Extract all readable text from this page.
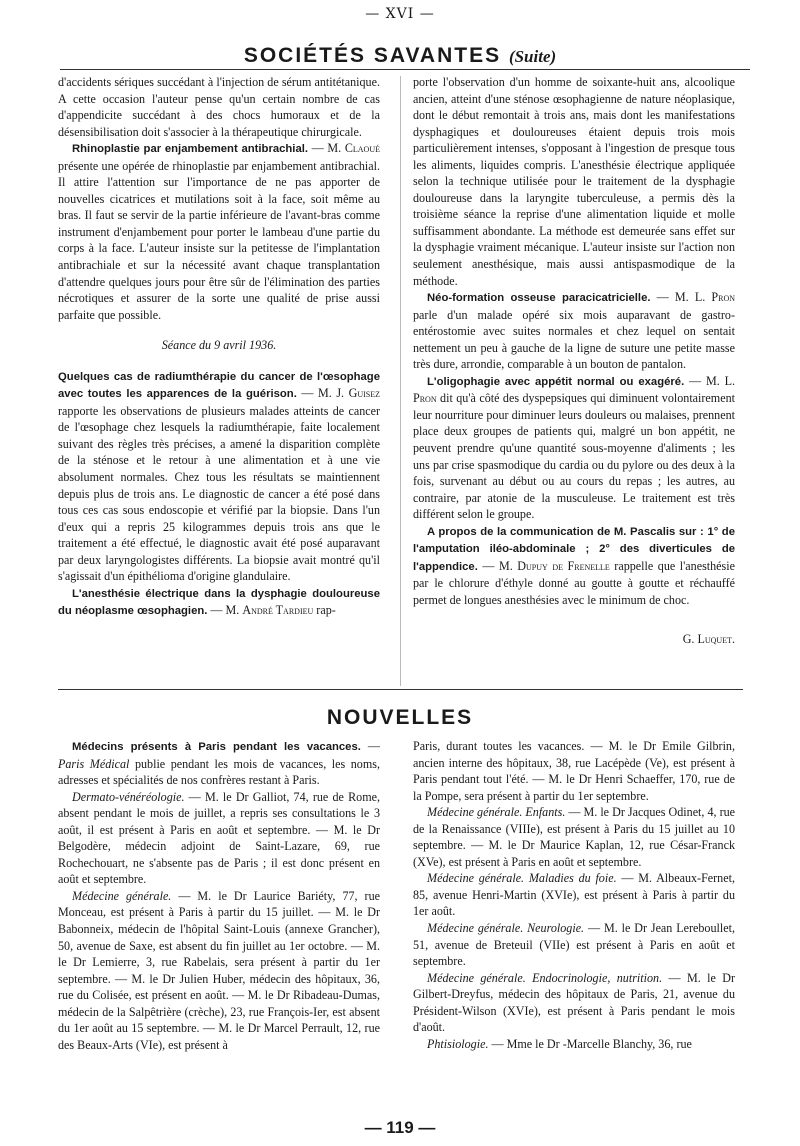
— XVI —
SOCIÉTÉS SAVANTES (Suite)

d'accidents sériques succédant à l'injection de sérum antitétanique. A cette occasion l'auteur pense qu'un certain nombre de cas d'appendicite succédant à des chocs humoraux et de la désensibilisation doit s'associer à la thérapeutique chirurgicale.

Rhinoplastie par enjambement antibrachial. — M. Claoué présente une opérée de rhinoplastie par enjambement antibrachial. Il attire l'attention sur l'importance de ne pas apporter de nouvelles cicatrices et mutilations soit à la face, soit même au bras. Il faut se servir de la partie inférieure de l'avant-bras comme instrument d'enjambement pour porter le lambeau d'une partie du corps à la face. L'auteur insiste sur la petitesse de l'implantation antibrachiale et sur la nécessité avant chaque transplantation d'attendre quelques jours pour être sûr de l'élimination des parties nécrotiques et assurer de la sorte une qualité de prise aussi parfaite que possible.

Séance du 9 avril 1936.

Quelques cas de radiumthérapie du cancer de l'œsophage avec toutes les apparences de la guérison. — M. J. Guisez rapporte les observations de plusieurs malades atteints de cancer de l'œsophage chez lesquels la radiumthérapie, faite localement suivant des règles très précises, a amené la disparition complète de la sténose et le retour à une alimentation et à une vie absolument normales. Chez tous les résultats se maintiennent depuis plus de trois ans. Le diagnostic de cancer a été posé dans tous ces cas sous endoscopie et vérifié par la biopsie. Dans l'un d'eux qui a repris 25 kilogrammes depuis trois ans que le traitement a été effectué, le diagnostic avait été posé auparavant par deux laryngologistes différents. La biopsie avait montré qu'il s'agissait d'un épithélioma d'origine glandulaire.

L'anesthésie électrique dans la dysphagie douloureuse du néoplasme œsophagien. — M. André Tardieu rap-

porte l'observation d'un homme de soixante-huit ans, alcoolique ancien, atteint d'une sténose œsophagienne de nature néoplasique, dont le début remontait à trois ans, mais dont les manifestations dysphagiques et douloureuses étaient depuis trois mois particulièrement intenses, s'opposant à l'ingestion de presque tous les aliments, liquides compris. L'anesthésie électrique appliquée selon la technique utilisée pour le traitement de la dysphagie douloureuse dans la laryngite tuberculeuse, a permis dès la troisième séance la reprise d'une alimentation liquide et molle suffisamment abondante. La méthode est demeurée sans effet sur la dysphagie vraiment mécanique. L'auteur insiste sur l'action non seulement anesthésique, mais aussi antispasmodique de la méthode.

Néo-formation osseuse paracicatricielle. — M. L. Pron parle d'un malade opéré six mois auparavant de gastro-entérostomie avec suites normales et chez lequel on sentait nettement un peu à gauche de la ligne de suture une petite masse très dure, arrondie, comparable à un bouton de pantalon.

L'oligophagie avec appétit normal ou exagéré. — M. L. Pron dit qu'à côté des dyspepsiques qui diminuent volontairement leur nourriture pour diminuer leurs douleurs ou malaises, prennent place deux groupes de patients qui, malgré un bon appétit, ne peuvent prendre qu'une quantité sous-moyenne d'aliments ; les uns par crise spasmodique du cardia ou du pylore ou des deux à la fois, survenant au début ou au cours du repas ; les autres, au contraire, par atonie de la musculeuse. Le traitement est très différent selon le groupe.

A propos de la communication de M. Pascalis sur : 1° de l'amputation iléo-abdominale ; 2° des diverticules de l'appendice. — M. Dupuy de Frenelle rappelle que l'anesthésie par le chlorure d'éthyle donné au goutte à goutte et réchauffé permet de longues anesthésies avec le minimum de choc.

G. Luquet.

NOUVELLES

Médecins présents à Paris pendant les vacances. — Paris Médical publie pendant les mois de vacances, les noms, adresses et spécialités de nos confrères restant à Paris.

Dermato-vénéréologie. — M. le Dr Galliot, 74, rue de Rome, absent pendant le mois de juillet, a repris ses consultations le 3 août, il est présent à Paris en août et septembre. — M. le Dr Belgodère, médecin adjoint de Saint-Lazare, 69, rue Rochechouart, ne s'absente pas de Paris ; il est donc présent en août et septembre.

Médecine générale. — M. le Dr Laurice Bariéty, 77, rue Monceau, est présent à Paris à partir du 15 juillet. — M. le Dr Babonneix, médecin de l'hôpital Saint-Louis (annexe Grancher), 50, avenue de Saxe, est absent du fin juillet au 1er octobre. — M. le Dr Lemierre, 3, rue Rabelais, sera présent à partir du 1er septembre. — M. le Dr Julien Huber, médecin des hôpitaux, 36, rue du Colisée, est présent en août. — M. le Dr Ribadeau-Dumas, médecin de la Salpêtrière (crèche), 23, rue François-Ier, est absent du 1er août au 15 septembre. — M. le Dr Marcel Perrault, 12, rue des Beaux-Arts (VIe), est présent à

Paris, durant toutes les vacances. — M. le Dr Emile Gilbrin, ancien interne des hôpitaux, 38, rue Lacépède (Ve), est présent à Paris pendant tout l'été. — M. le Dr Henri Schaeffer, 170, rue de la Pompe, sera présent à partir du 1er septembre.

Médecine générale. Enfants. — M. le Dr Jacques Odinet, 4, rue de la Renaissance (VIIIe), est présent à Paris du 15 juillet au 10 septembre. — M. le Dr Maurice Kaplan, 12, rue César-Franck (XVe), est présent à Paris en août et septembre.

Médecine générale. Maladies du foie. — M. Albeaux-Fernet, 85, avenue Henri-Martin (XVIe), est présent à Paris à partir du 1er août.

Médecine générale. Neurologie. — M. le Dr Jean Lereboullet, 51, avenue de Breteuil (VIIe) est présent à Paris en août et septembre.

Médecine générale. Endocrinologie, nutrition. — M. le Dr Gilbert-Dreyfus, médecin des hôpitaux de Paris, 21, avenue du Président-Wilson (XVIe), est présent à Paris pendant le mois d'août.

Phtisiologie. — Mme le Dr -Marcelle Blanchy, 36, rue

— 119 —
